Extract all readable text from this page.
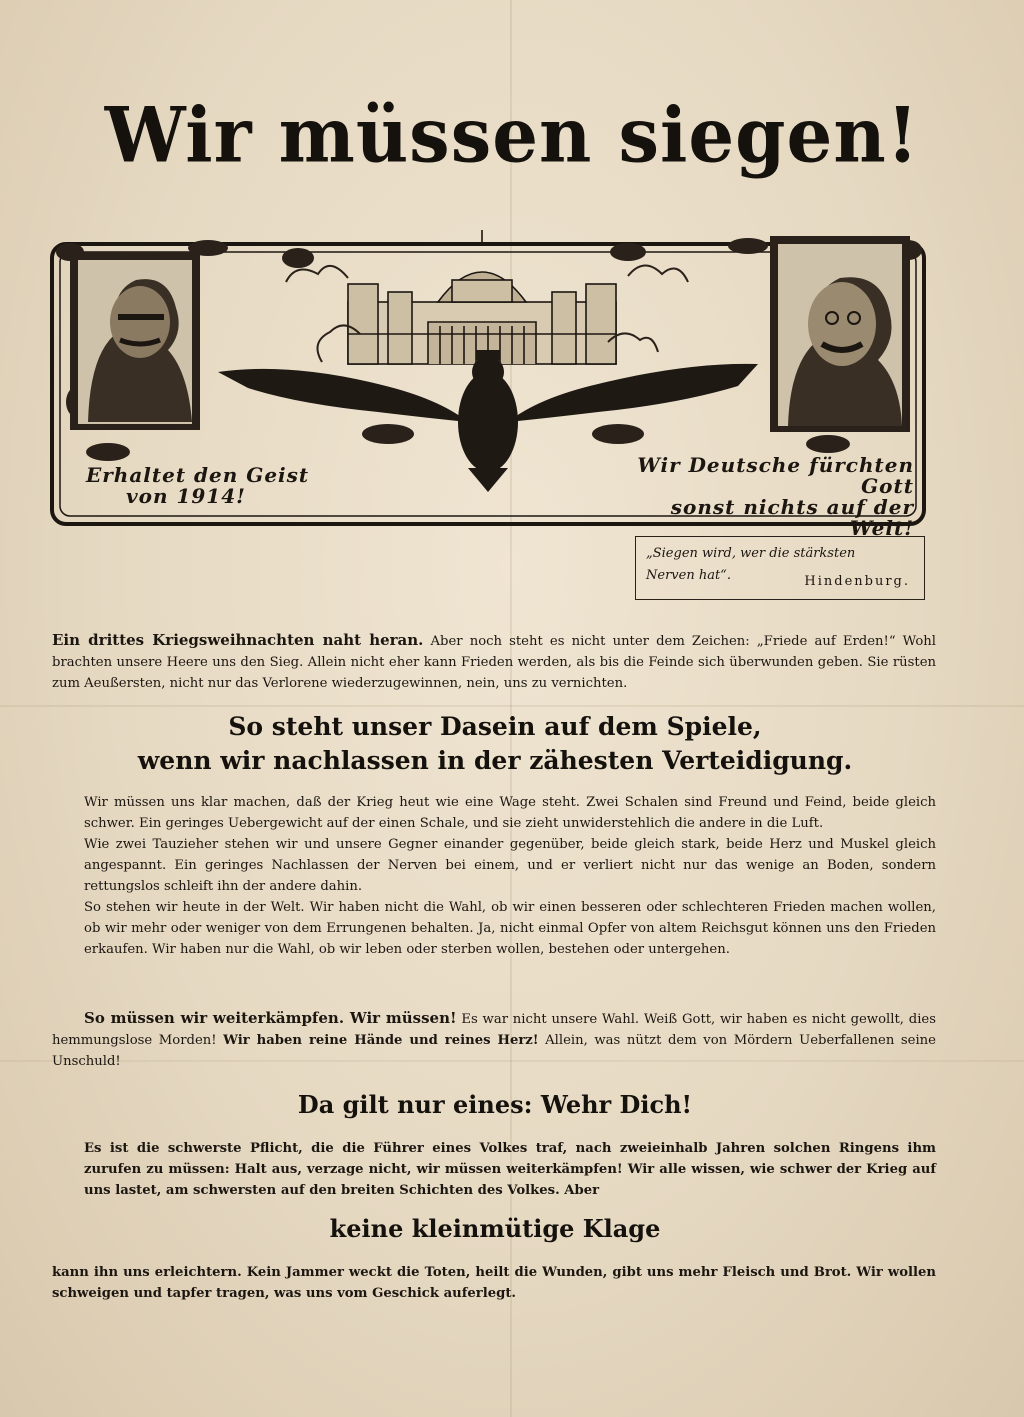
Wir müssen siegen!
Erhaltet den Geist
von 1914!
Wir Deutsche fürchten Gott
sonst nichts auf der Welt!
„Siegen wird, wer die stärksten
Nerven hat“.	Hindenburg.
Ein drittes Kriegsweihnachten naht heran. Aber noch steht es nicht unter dem Zeichen: „Friede auf Erden!“ Wohl brachten unsere Heere uns den Sieg. Allein nicht eher kann Frieden werden, als bis die Feinde sich überwunden geben. Sie rüsten zum Aeußersten, nicht nur das Verlorene wiederzugewinnen, nein, uns zu vernichten.
So steht unser Dasein auf dem Spiele,
wenn wir nachlassen in der zähesten Verteidigung.
Wir müssen uns klar machen, daß der Krieg heut wie eine Wage steht. Zwei Schalen sind Freund und Feind, beide gleich schwer. Ein geringes Uebergewicht auf der einen Schale, und sie zieht unwiderstehlich die andere in die Luft.
Wie zwei Tauzieher stehen wir und unsere Gegner einander gegenüber, beide gleich stark, beide Herz und Muskel gleich angespannt. Ein geringes Nachlassen der Nerven bei einem, und er verliert nicht nur das wenige an Boden, sondern rettungslos schleift ihn der andere dahin.
So stehen wir heute in der Welt. Wir haben nicht die Wahl, ob wir einen besseren oder schlechteren Frieden machen wollen, ob wir mehr oder weniger von dem Errungenen behalten. Ja, nicht einmal Opfer von altem Reichsgut können uns den Frieden erkaufen. Wir haben nur die Wahl, ob wir leben oder sterben wollen, bestehen oder untergehen.
So müssen wir weiterkämpfen. Wir müssen! Es war nicht unsere Wahl. Weiß Gott, wir haben es nicht gewollt, dies hemmungslose Morden! Wir haben reine Hände und reines Herz! Allein, was nützt dem von Mördern Ueberfallenen seine Unschuld!
Da gilt nur eines: Wehr Dich!
Es ist die schwerste Pflicht, die die Führer eines Volkes traf, nach zweieinhalb Jahren solchen Ringens ihm zurufen zu müssen: Halt aus, verzage nicht, wir müssen weiterkämpfen! Wir alle wissen, wie schwer der Krieg auf uns lastet, am schwersten auf den breiten Schichten des Volkes. Aber
keine kleinmütige Klage
kann ihn uns erleichtern. Kein Jammer weckt die Toten, heilt die Wunden, gibt uns mehr Fleisch und Brot. Wir wollen schweigen und tapfer tragen, was uns vom Geschick auferlegt.
